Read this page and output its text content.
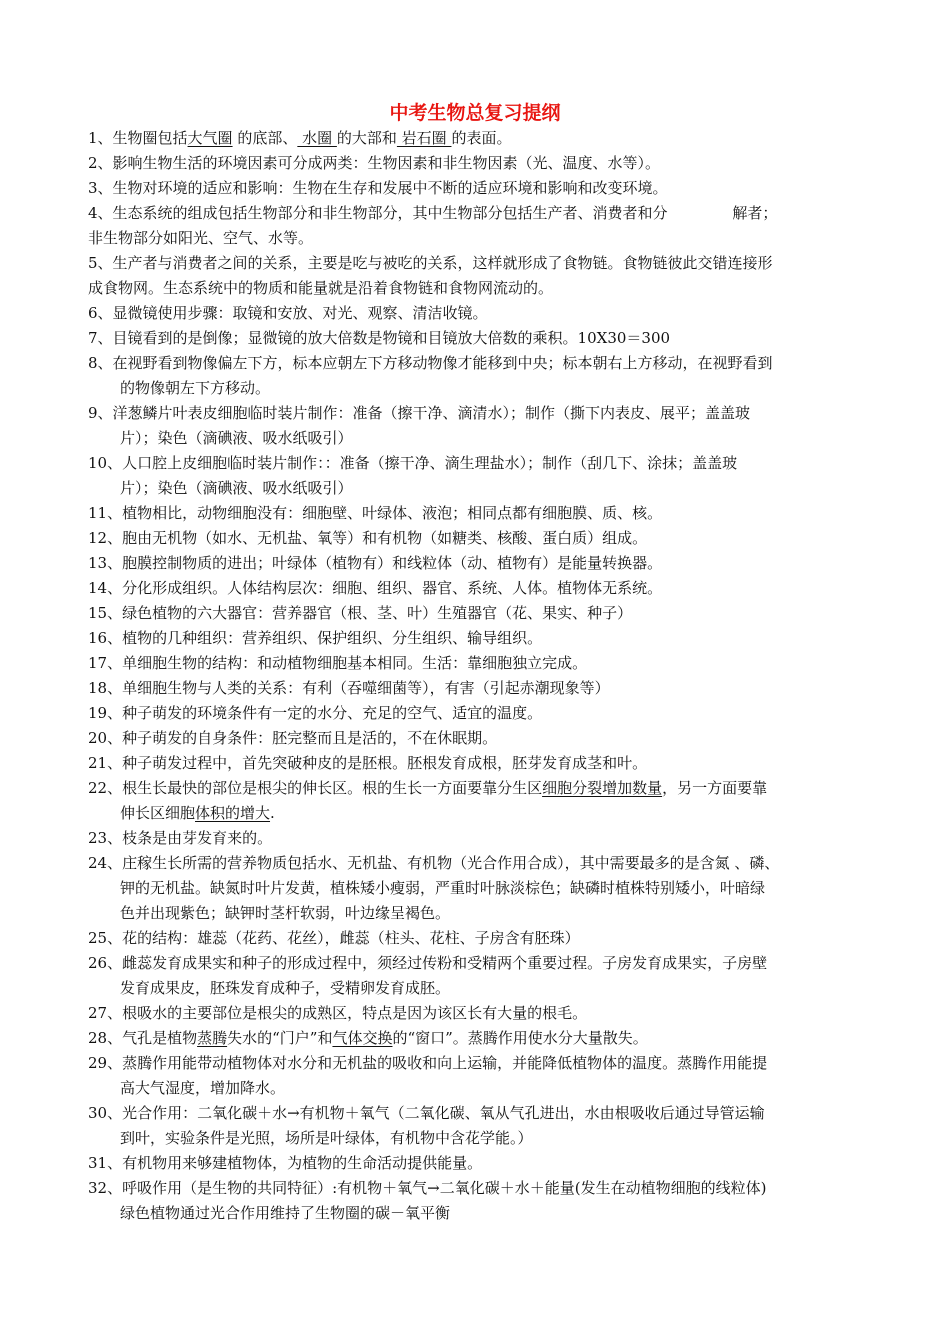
中考生物总复习提纲
1、生物圈包括大气圈 的底部、 水圈 的大部和 岩石圈 的表面。
2、影响生物生活的环境因素可分成两类：生物因素和非生物因素（光、温度、水等）。
3、生物对环境的适应和影响：生物在生存和发展中不断的适应环境和影响和改变环境。
4、生态系统的组成包括生物部分和非生物部分，其中生物部分包括生产者、消费者和分　　　　 解者；
非生物部分如阳光、空气、水等。
5、生产者与消费者之间的关系，主要是吃与被吃的关系，这样就形成了食物链。食物链彼此交错连接形
成食物网。生态系统中的物质和能量就是沿着食物链和食物网流动的。
6、显微镜使用步骤：取镜和安放、对光、观察、清洁收镜。
7、目镜看到的是倒像；显微镜的放大倍数是物镜和目镜放大倍数的乘积。10X30＝300
8、在视野看到物像偏左下方，标本应朝左下方移动物像才能移到中央；标本朝右上方移动，在视野看到
的物像朝左下方移动。
9、洋葱鳞片叶表皮细胞临时装片制作：准备（擦干净、滴清水）；制作（撕下内表皮、展平；盖盖玻
片）；染色（滴碘液、吸水纸吸引）
10、人口腔上皮细胞临时装片制作：：准备（擦干净、滴生理盐水）；制作（刮几下、涂抹；盖盖玻
片）；染色（滴碘液、吸水纸吸引）
11、植物相比，动物细胞没有：细胞壁、叶绿体、液泡；相同点都有细胞膜、质、核。
12、胞由无机物（如水、无机盐、氧等）和有机物（如糖类、核酸、蛋白质）组成。
13、胞膜控制物质的进出；叶绿体（植物有）和线粒体（动、植物有）是能量转换器。
14、分化形成组织。人体结构层次：细胞、组织、器官、系统、人体。植物体无系统。
15、绿色植物的六大器官：营养器官（根、茎、叶）生殖器官（花、果实、种子）
16、植物的几种组织：营养组织、保护组织、分生组织、输导组织。
17、单细胞生物的结构：和动植物细胞基本相同。生活：靠细胞独立完成。
18、单细胞生物与人类的关系：有利（吞噬细菌等），有害（引起赤潮现象等）
19、种子萌发的环境条件有一定的水分、充足的空气、适宜的温度。
20、种子萌发的自身条件：胚完整而且是活的，不在休眠期。
21、种子萌发过程中，首先突破种皮的是胚根。胚根发育成根，胚芽发育成茎和叶。
22、根生长最快的部位是根尖的伸长区。根的生长一方面要靠分生区细胞分裂增加数量，另一方面要靠
伸长区细胞体积的增大.
23、枝条是由芽发育来的。
24、庄稼生长所需的营养物质包括水、无机盐、有机物（光合作用合成），其中需要最多的是含氮 、磷、
钾的无机盐。缺氮时叶片发黄，植株矮小瘦弱，严重时叶脉淡棕色；缺磷时植株特别矮小，叶暗绿
色并出现紫色；缺钾时茎杆软弱，叶边缘呈褐色。
25、花的结构：雄蕊（花药、花丝），雌蕊（柱头、花柱、子房含有胚珠）
26、雌蕊发育成果实和种子的形成过程中，须经过传粉和受精两个重要过程。子房发育成果实，子房壁
发育成果皮，胚珠发育成种子，受精卵发育成胚。
27、根吸水的主要部位是根尖的成熟区，特点是因为该区长有大量的根毛。
28、气孔是植物蒸腾失水的“门户”和气体交换的“窗口”。蒸腾作用使水分大量散失。
29、蒸腾作用能带动植物体对水分和无机盐的吸收和向上运输，并能降低植物体的温度。蒸腾作用能提
高大气湿度，增加降水。
30、光合作用：二氧化碳＋水→有机物＋氧气（二氧化碳、氧从气孔进出，水由根吸收后通过导管运输
到叶，实验条件是光照，场所是叶绿体，有机物中含花学能。）
31、有机物用来够建植物体，为植物的生命活动提供能量。
32、呼吸作用（是生物的共同特征）:有机物＋氧气→二氧化碳＋水＋能量(发生在动植物细胞的线粒体)
绿色植物通过光合作用维持了生物圈的碳－氧平衡
